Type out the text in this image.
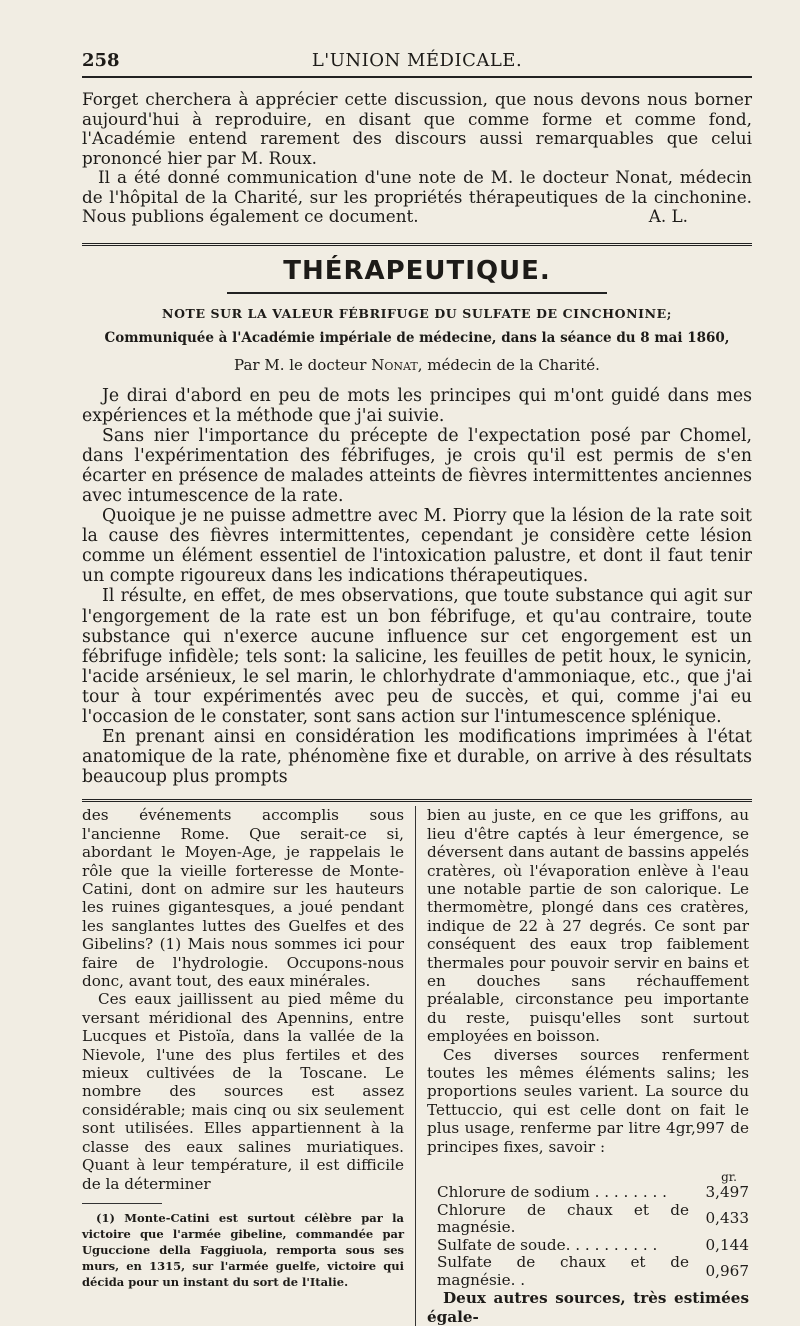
258	L'UNION MÉDICALE.

Forget cherchera à apprécier cette discussion, que nous devons nous borner aujourd'hui à reproduire, en disant que comme forme et comme fond, l'Académie entend rarement des discours aussi remarquables que celui prononcé hier par M. Roux.

Il a été donné communication d'une note de M. le docteur Nonat, médecin de l'hôpital de la Charité, sur les propriétés thérapeutiques de la cinchonine. Nous publions également ce document.	A. L.
THÉRAPEUTIQUE.
NOTE SUR LA VALEUR FÉBRIFUGE DU SULFATE DE CINCHONINE;
Communiquée à l'Académie impériale de médecine, dans la séance du 8 mai 1860,
Par M. le docteur Nonat, médecin de la Charité.

Je dirai d'abord en peu de mots les principes qui m'ont guidé dans mes expériences et la méthode que j'ai suivie.

Sans nier l'importance du précepte de l'expectation posé par Chomel, dans l'expérimentation des fébrifuges, je crois qu'il est permis de s'en écarter en présence de malades atteints de fièvres intermittentes anciennes avec intumescence de la rate.

Quoique je ne puisse admettre avec M. Piorry que la lésion de la rate soit la cause des fièvres intermittentes, cependant je considère cette lésion comme un élément essentiel de l'intoxication palustre, et dont il faut tenir un compte rigoureux dans les indications thérapeutiques.

Il résulte, en effet, de mes observations, que toute substance qui agit sur l'engorgement de la rate est un bon fébrifuge, et qu'au contraire, toute substance qui n'exerce aucune influence sur cet engorgement est un fébrifuge infidèle; tels sont: la salicine, les feuilles de petit houx, le synicin, l'acide arsénieux, le sel marin, le chlorhydrate d'ammoniaque, etc., que j'ai tour à tour expérimentés avec peu de succès, et qui, comme j'ai eu l'occasion de le constater, sont sans action sur l'intumescence splénique.

En prenant ainsi en considération les modifications imprimées à l'état anatomique de la rate, phénomène fixe et durable, on arrive à des résultats beaucoup plus prompts

des événements accomplis sous l'ancienne Rome. Que serait-ce si, abordant le Moyen-Age, je rappelais le rôle que la vieille forteresse de Monte-Catini, dont on admire sur les hauteurs les ruines gigantesques, a joué pendant les sanglantes luttes des Guelfes et des Gibelins? (1) Mais nous sommes ici pour faire de l'hydrologie. Occupons-nous donc, avant tout, des eaux minérales.

Ces eaux jaillissent au pied même du versant méridional des Apennins, entre Lucques et Pistoïa, dans la vallée de la Nievole, l'une des plus fertiles et des mieux cultivées de la Toscane. Le nombre des sources est assez considérable; mais cinq ou six seulement sont utilisées. Elles appartiennent à la classe des eaux salines muriatiques. Quant à leur température, il est difficile de la déterminer

(1) Monte-Catini est surtout célèbre par la victoire que l'armée gibeline, commandée par Uguccione della Faggiuola, remporta sous ses murs, en 1315, sur l'armée guelfe, victoire qui décida pour un instant du sort de l'Italie.

bien au juste, en ce que les griffons, au lieu d'être captés à leur émergence, se déversent dans autant de bassins appelés cratères, où l'évaporation enlève à l'eau une notable partie de son calorique. Le thermomètre, plongé dans ces cratères, indique de 22 à 27 degrés. Ce sont par conséquent des eaux trop faiblement thermales pour pouvoir servir en bains et en douches sans réchauffement préalable, circonstance peu importante du reste, puisqu'elles sont surtout employées en boisson.

Ces diverses sources renferment toutes les mêmes éléments salins; les proportions seules varient. La source du Tettuccio, qui est celle dont on fait le plus usage, renferme par litre 4gr,997 de principes fixes, savoir :

gr.
Chlorure de sodium . . . . . . . .	3,497
Chlorure de chaux et de magnésie.	0,433
Sulfate de soude. . . . . . . . . .	0,144
Sulfate de chaux et de magnésie. .	0,967

Deux autres sources, très estimées égale-
